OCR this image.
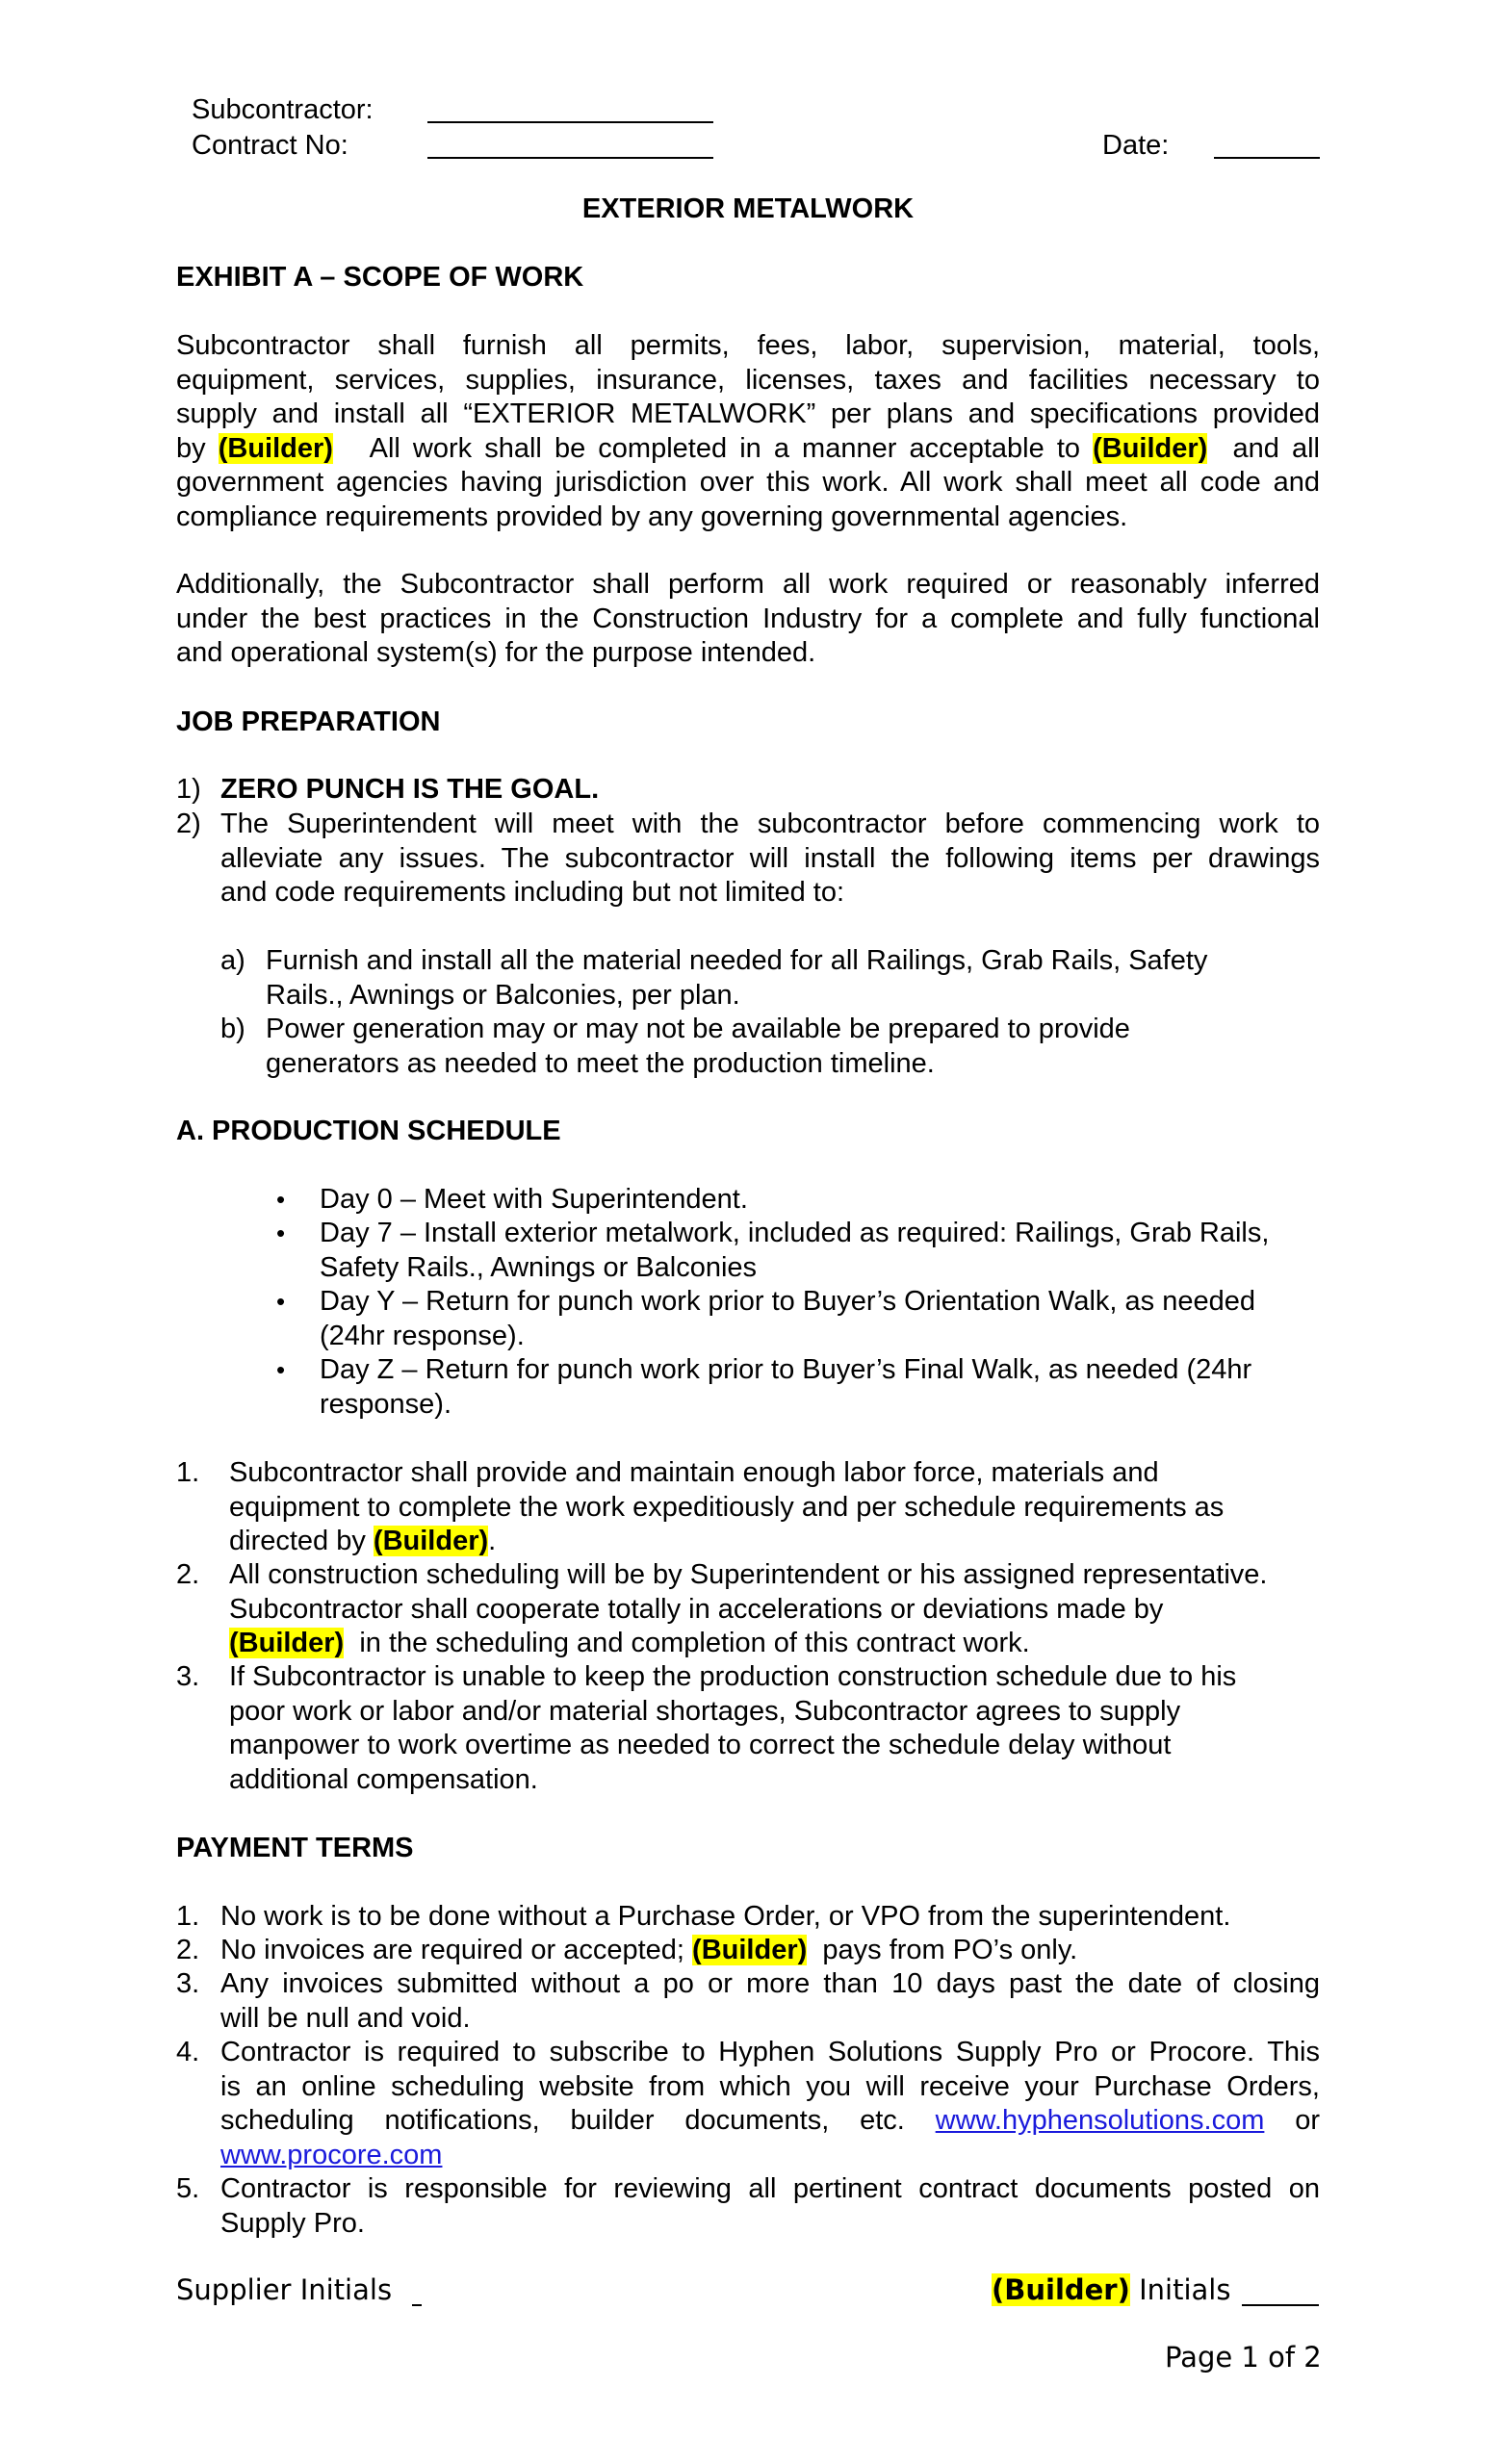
Subcontractor:
Contract No:	Date:
EXTERIOR METALWORK
EXHIBIT A – SCOPE OF WORK
Subcontractor shall furnish all permits, fees, labor, supervision, material, tools,
equipment, services, supplies, insurance, licenses, taxes and facilities necessary to
supply and install all “EXTERIOR METALWORK” per plans and specifications provided
by (Builder) All work shall be completed in a manner acceptable to (Builder) and all
government agencies having jurisdiction over this work. All work shall meet all code and
compliance requirements provided by any governing governmental agencies.
Additionally, the Subcontractor shall perform all work required or reasonably inferred
under the best practices in the Construction Industry for a complete and fully functional
and operational system(s) for the purpose intended.
JOB PREPARATION
1) ZERO PUNCH IS THE GOAL.
2) The Superintendent will meet with the subcontractor before commencing work to
alleviate any issues. The subcontractor will install the following items per drawings
and code requirements including but not limited to:
a) Furnish and install all the material needed for all Railings, Grab Rails, Safety
Rails., Awnings or Balconies, per plan.
b) Power generation may or may not be available be prepared to provide
generators as needed to meet the production timeline.
A. PRODUCTION SCHEDULE
• Day 0 – Meet with Superintendent.
• Day 7 – Install exterior metalwork, included as required: Railings, Grab Rails,
Safety Rails., Awnings or Balconies
• Day Y – Return for punch work prior to Buyer’s Orientation Walk, as needed
(24hr response).
• Day Z – Return for punch work prior to Buyer’s Final Walk, as needed (24hr
response).
1. Subcontractor shall provide and maintain enough labor force, materials and
equipment to complete the work expeditiously and per schedule requirements as
directed by (Builder).
2. All construction scheduling will be by Superintendent or his assigned representative.
Subcontractor shall cooperate totally in accelerations or deviations made by
(Builder) in the scheduling and completion of this contract work.
3. If Subcontractor is unable to keep the production construction schedule due to his
poor work or labor and/or material shortages, Subcontractor agrees to supply
manpower to work overtime as needed to correct the schedule delay without
additional compensation.
PAYMENT TERMS
1. No work is to be done without a Purchase Order, or VPO from the superintendent.
2. No invoices are required or accepted; (Builder) pays from PO’s only.
3. Any invoices submitted without a po or more than 10 days past the date of closing
will be null and void.
4. Contractor is required to subscribe to Hyphen Solutions Supply Pro or Procore. This
is an online scheduling website from which you will receive your Purchase Orders,
scheduling notifications, builder documents, etc. www.hyphensolutions.com or
www.procore.com
5. Contractor is responsible for reviewing all pertinent contract documents posted on
Supply Pro.
Supplier Initials	(Builder) Initials
Page 1 of 2
